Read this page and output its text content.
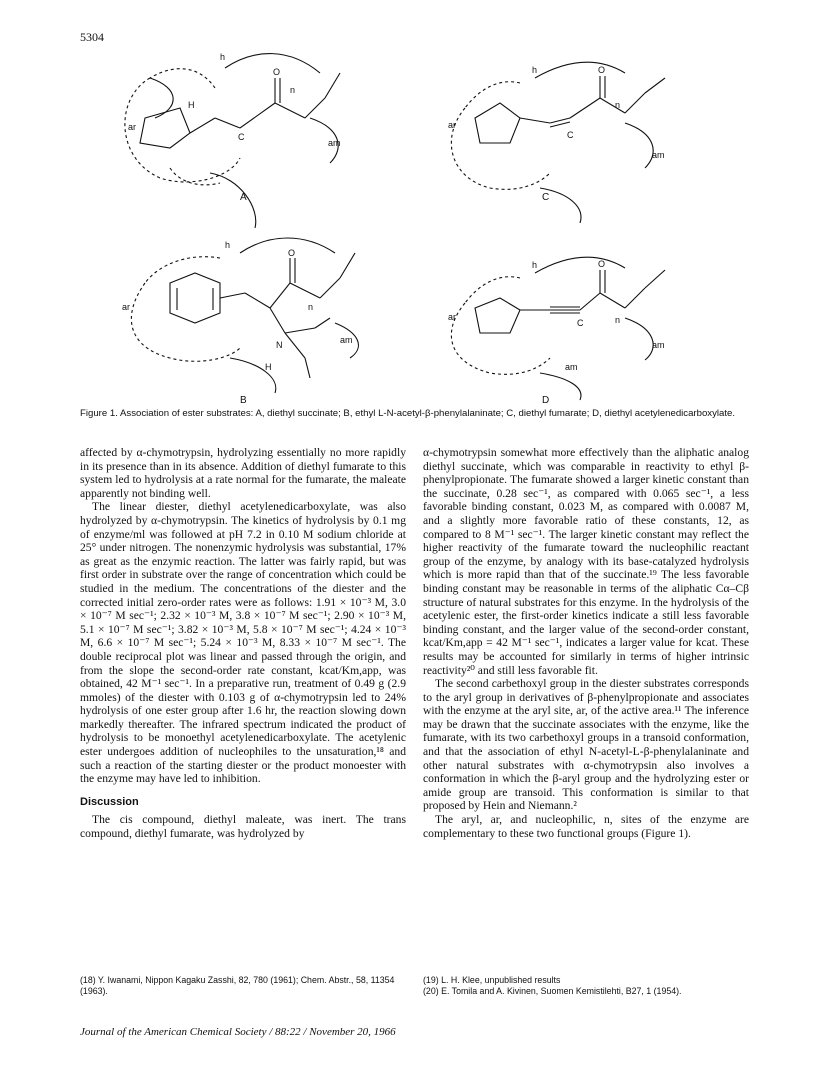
5304
A
B
C
D
h
n
ar
am
h
n
ar
am
h
n
ar
am
h
n
ar
am
am
O
C
H
O
N
H
O
C
O
C
Figure 1. Association of ester substrates: A, diethyl succinate; B, ethyl L-N-acetyl-β-phenylalaninate; C, diethyl fumarate; D, diethyl acetylenedicarboxylate.

affected by α-chymotrypsin, hydrolyzing essentially no more rapidly in its presence than in its absence. Addition of diethyl fumarate to this system led to hydrolysis at a rate normal for the fumarate, the maleate apparently not binding well.

The linear diester, diethyl acetylenedicarboxylate, was also hydrolyzed by α-chymotrypsin. The kinetics of hydrolysis by 0.1 mg of enzyme/ml was followed at pH 7.2 in 0.10 M sodium chloride at 25° under nitrogen. The nonenzymic hydrolysis was substantial, 17% as great as the enzymic reaction. The latter was fairly rapid, but was first order in substrate over the range of concentration which could be studied in the medium. The concentrations of the diester and the corrected initial zero-order rates were as follows: 1.91 × 10⁻³ M, 3.0 × 10⁻⁷ M sec⁻¹; 2.32 × 10⁻³ M, 3.8 × 10⁻⁷ M sec⁻¹; 2.90 × 10⁻³ M, 5.1 × 10⁻⁷ M sec⁻¹; 3.82 × 10⁻³ M, 5.8 × 10⁻⁷ M sec⁻¹; 4.24 × 10⁻³ M, 6.6 × 10⁻⁷ M sec⁻¹; 5.24 × 10⁻³ M, 8.33 × 10⁻⁷ M sec⁻¹. The double reciprocal plot was linear and passed through the origin, and from the slope the second-order rate constant, kcat/Km,app, was obtained, 42 M⁻¹ sec⁻¹. In a preparative run, treatment of 0.49 g (2.9 mmoles) of the diester with 0.103 g of α-chymotrypsin led to 24% hydrolysis of one ester group after 1.6 hr, the reaction slowing down markedly thereafter. The infrared spectrum indicated the product of hydrolysis to be monoethyl acetylenedicarboxylate. The acetylenic ester undergoes addition of nucleophiles to the unsaturation,¹⁸ and such a reaction of the starting diester or the product monoester with the enzyme may have led to inhibition.

Discussion

The cis compound, diethyl maleate, was inert. The trans compound, diethyl fumarate, was hydrolyzed by

α-chymotrypsin somewhat more effectively than the aliphatic analog diethyl succinate, which was comparable in reactivity to ethyl β-phenylpropionate. The fumarate showed a larger kinetic constant than the succinate, 0.28 sec⁻¹, as compared with 0.065 sec⁻¹, a less favorable binding constant, 0.023 M, as compared with 0.0087 M, and a slightly more favorable ratio of these constants, 12, as compared to 8 M⁻¹ sec⁻¹. The larger kinetic constant may reflect the higher reactivity of the fumarate toward the nucleophilic reactant group of the enzyme, by analogy with its base-catalyzed hydrolysis which is more rapid than that of the succinate.¹⁹ The less favorable binding constant may be reasonable in terms of the aliphatic Cα–Cβ structure of natural substrates for this enzyme. In the hydrolysis of the acetylenic ester, the first-order kinetics indicate a still less favorable binding constant, and the larger value of the second-order constant, kcat/Km,app = 42 M⁻¹ sec⁻¹, indicates a larger value for kcat. These results may be accounted for similarly in terms of higher intrinsic reactivity²⁰ and still less favorable fit.

The second carbethoxyl group in the diester substrates corresponds to the aryl group in derivatives of β-phenylpropionate and associates with the enzyme at the aryl site, ar, of the active area.¹¹ The inference may be drawn that the succinate associates with the enzyme, like the fumarate, with its two carbethoxyl groups in a transoid conformation, and that the association of ethyl N-acetyl-L-β-phenylalaninate and other natural substrates with α-chymotrypsin also involves a conformation in which the β-aryl group and the hydrolyzing ester or amide group are transoid. This conformation is similar to that proposed by Hein and Niemann.²

The aryl, ar, and nucleophilic, n, sites of the enzyme are complementary to these two functional groups (Figure 1).

(18) Y. Iwanami, Nippon Kagaku Zasshi, 82, 780 (1961); Chem. Abstr., 58, 11354 (1963).
(19) L. H. Klee, unpublished results
(20) E. Tomila and A. Kivinen, Suomen Kemistilehti, B27, 1 (1954).
Journal of the American Chemical Society / 88:22 / November 20, 1966
